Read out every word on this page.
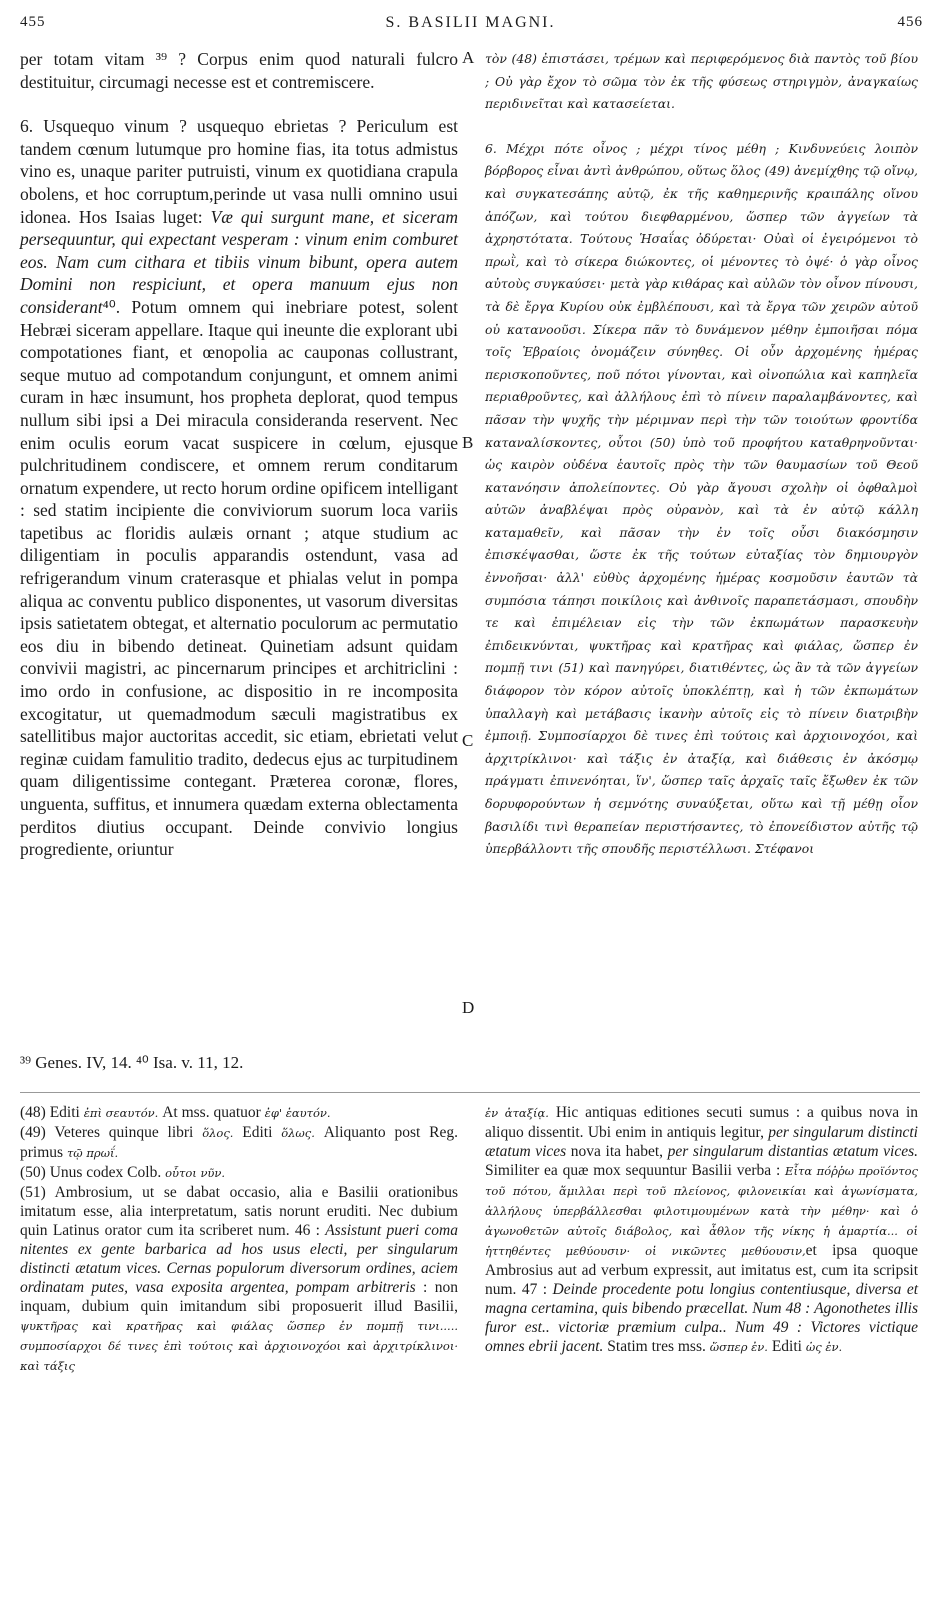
455	S. BASILII MAGNI.	456

per totam vitam ³⁹ ? Corpus enim quod naturali fulcro destituitur, circumagi necesse est et contremiscere.

6. Usquequo vinum ? usquequo ebrietas ? Periculum est tandem cœnum lutumque pro homine fias, ita totus admistus vino es, unaque pariter putruisti, vinum ex quotidiana crapula obolens, et hoc corruptum,perinde ut vasa nulli omnino usui idonea. Hos Isaias luget: Væ qui surgunt mane, et siceram persequuntur, qui expectant vesperam : vinum enim comburet eos. Nam cum cithara et tibiis vinum bibunt, opera autem Domini non respiciunt, et opera manuum ejus non considerant⁴⁰. Potum omnem qui inebriare potest, solent Hebræi siceram appellare. Itaque qui ineunte die explorant ubi compotationes fiant, et œnopolia ac cauponas collustrant, seque mutuo ad compotandum conjungunt, et omnem animi curam in hæc insumunt, hos propheta deplorat, quod tempus nullum sibi ipsi a Dei miracula consideranda reservent. Nec enim oculis eorum vacat suspicere in cœlum, ejusque pulchritudinem condiscere, et omnem rerum conditarum ornatum expendere, ut recto horum ordine opificem intelligant : sed statim incipiente die conviviorum suorum loca variis tapetibus ac floridis aulæis ornant ; atque studium ac diligentiam in poculis apparandis ostendunt, vasa ad refrigerandum vinum craterasque et phialas velut in pompa aliqua ac conventu publico disponentes, ut vasorum diversitas ipsis satietatem obtegat, et alternatio poculorum ac permutatio eos diu in bibendo detineat. Quinetiam adsunt quidam convivii magistri, ac pincernarum principes et architriclini : imo ordo in confusione, ac dispositio in re incomposita excogitatur, ut quemadmodum sæculi magistratibus ex satellitibus major auctoritas accedit, sic etiam, ebrietati velut reginæ cuidam famulitio tradito, dedecus ejus ac turpitudinem quam diligentissime contegant. Præterea coronæ, flores, unguenta, suffitus, et innumera quædam externa oblectamenta perditos diutius occupant. Deinde convivio longius progrediente, oriuntur

A
B
C
D

τὸν (48) ἐπιστάσει, τρέμων καὶ περιφερόμενος διὰ παντὸς τοῦ βίου ; Οὐ γὰρ ἔχον τὸ σῶμα τὸν ἐκ τῆς φύσεως στηριγμὸν, ἀναγκαίως περιδινεῖται καὶ κατασείεται.

6. Μέχρι πότε οἶνος ; μέχρι τίνος μέθη ; Κινδυνεύεις λοιπὸν βόρβορος εἶναι ἀντὶ ἀνθρώπου, οὕτως ὅλος (49) ἀνεμίχθης τῷ οἴνῳ, καὶ συγκατεσάπης αὐτῷ, ἐκ τῆς καθημερινῆς κραιπάλης οἴνου ἀπόζων, καὶ τούτου διεφθαρμένου, ὥσπερ τῶν ἀγγείων τὰ ἀχρηστότατα. Τούτους Ἡσαΐας ὀδύρεται· Οὐαὶ οἱ ἐγειρόμενοι τὸ πρωῒ, καὶ τὸ σίκερα διώκοντες, οἱ μένοντες τὸ ὀψέ· ὁ γὰρ οἶνος αὐτοὺς συγκαύσει· μετὰ γὰρ κιθάρας καὶ αὐλῶν τὸν οἶνον πίνουσι, τὰ δὲ ἔργα Κυρίου οὐκ ἐμβλέπουσι, καὶ τὰ ἔργα τῶν χειρῶν αὐτοῦ οὐ κατανοοῦσι. Σίκερα πᾶν τὸ δυνάμενον μέθην ἐμποιῆσαι πόμα τοῖς Ἑβραίοις ὀνομάζειν σύνηθες. Οἱ οὖν ἀρχομένης ἡμέρας περισκοποῦντες, ποῦ πότοι γίνονται, καὶ οἰνοπώλια καὶ καπηλεῖα περιαθροῦντες, καὶ ἀλλήλους ἐπὶ τὸ πίνειν παραλαμβάνοντες, καὶ πᾶσαν τὴν ψυχῆς τὴν μέριμναν περὶ τὴν τῶν τοιούτων φροντίδα καταναλίσκοντες, οὗτοι (50) ὑπὸ τοῦ προφήτου καταθρηνοῦνται· ὡς καιρὸν οὐδένα ἑαυτοῖς πρὸς τὴν τῶν θαυμασίων τοῦ Θεοῦ κατανόησιν ἀπολείποντες. Οὐ γὰρ ἄγουσι σχολὴν οἱ ὀφθαλμοὶ αὐτῶν ἀναβλέψαι πρὸς οὐρανὸν, καὶ τὰ ἐν αὐτῷ κάλλη καταμαθεῖν, καὶ πᾶσαν τὴν ἐν τοῖς οὖσι διακόσμησιν ἐπισκέψασθαι, ὥστε ἐκ τῆς τούτων εὐταξίας τὸν δημιουργὸν ἐννοῆσαι· ἀλλ' εὐθὺς ἀρχομένης ἡμέρας κοσμοῦσιν ἑαυτῶν τὰ συμπόσια τάπησι ποικίλοις καὶ ἀνθινοῖς παραπετάσμασι, σπουδὴν τε καὶ ἐπιμέλειαν εἰς τὴν τῶν ἐκπωμάτων παρασκευὴν ἐπιδεικνύνται, ψυκτῆρας καὶ κρατῆρας καὶ φιάλας, ὥσπερ ἐν πομπῇ τινι (51) καὶ πανηγύρει, διατιθέντες, ὡς ἂν τὰ τῶν ἀγγείων διάφορον τὸν κόρον αὐτοῖς ὑποκλέπτῃ, καὶ ἡ τῶν ἐκπωμάτων ὑπαλλαγὴ καὶ μετάβασις ἱκανὴν αὐτοῖς εἰς τὸ πίνειν διατριβὴν ἐμποιῇ. Συμποσίαρχοι δὲ τινες ἐπὶ τούτοις καὶ ἀρχιοινοχόοι, καὶ ἀρχιτρίκλινοι· καὶ τάξις ἐν ἀταξίᾳ, καὶ διάθεσις ἐν ἀκόσμῳ πράγματι ἐπινενόηται, ἵν', ὥσπερ ταῖς ἀρχαῖς ταῖς ἔξωθεν ἐκ τῶν δορυφορούντων ἡ σεμνότης συναύξεται, οὕτω καὶ τῇ μέθῃ οἷον βασιλίδι τινὶ θεραπείαν περιστήσαντες, τὸ ἐπονείδιστον αὐτῆς τῷ ὑπερβάλλοντι τῆς σπουδῆς περιστέλλωσι. Στέφανοι

³⁹ Genes. IV, 14. ⁴⁰ Isa. v. 11, 12.

(48) Editi ἐπὶ σεαυτόν. At mss. quatuor ἐφ' ἑαυτόν.

(49) Veteres quinque libri ὅλος. Editi ὅλως. Aliquanto post Reg. primus τῷ πρωΐ.

(50) Unus codex Colb. οὗτοι νῦν.

(51) Ambrosium, ut se dabat occasio, alia e Basilii orationibus imitatum esse, alia interpretatum, satis norunt eruditi. Nec dubium quin Latinus orator cum ita scriberet num. 46 : Assistunt pueri coma nitentes ex gente barbarica ad hos usus electi, per singularum distincti ætatum vices. Cernas populorum diversorum ordines, aciem ordinatam putes, vasa exposita argentea, pompam arbitreris : non inquam, dubium quin imitandum sibi proposuerit illud Basilii, ψυκτῆρας καὶ κρατῆρας καὶ φιάλας ὥσπερ ἐν πομπῇ τινι..... συμποσίαρχοι δέ τινες ἐπὶ τούτοις καὶ ἀρχιοινοχόοι καὶ ἀρχιτρίκλινοι· καὶ τάξις

ἐν ἀταξίᾳ. Hic antiquas editiones secuti sumus : a quibus nova in aliquo dissentit. Ubi enim in antiquis legitur, per singularum distincti ætatum vices nova ita habet, per singularum distantias ætatum vices. Similiter ea quæ mox sequuntur Basilii verba : Εἶτα πόῤῥω προϊόντος τοῦ πότου, ἅμιλλαι περὶ τοῦ πλείονος, φιλονεικίαι καὶ ἀγωνίσματα, ἀλλήλους ὑπερβάλλεσθαι φιλοτιμουμένων κατὰ τὴν μέθην· καὶ ὁ ἀγωνοθετῶν αὐτοῖς διάβολος, καὶ ἆθλον τῆς νίκης ἡ ἁμαρτία... οἱ ἡττηθέντες μεθύουσιν· οἱ νικῶντες μεθύουσιν,et ipsa quoque Ambrosius aut ad verbum expressit, aut imitatus est, cum ita scripsit num. 47 : Deinde procedente potu longius contentiusque, diversa et magna certamina, quis bibendo præcellat. Num 48 : Agonothetes illis furor est.. victoriæ præmium culpa.. Num 49 : Victores victique omnes ebrii jacent. Statim tres mss. ὥσπερ ἐν. Editi ὡς ἐν.
